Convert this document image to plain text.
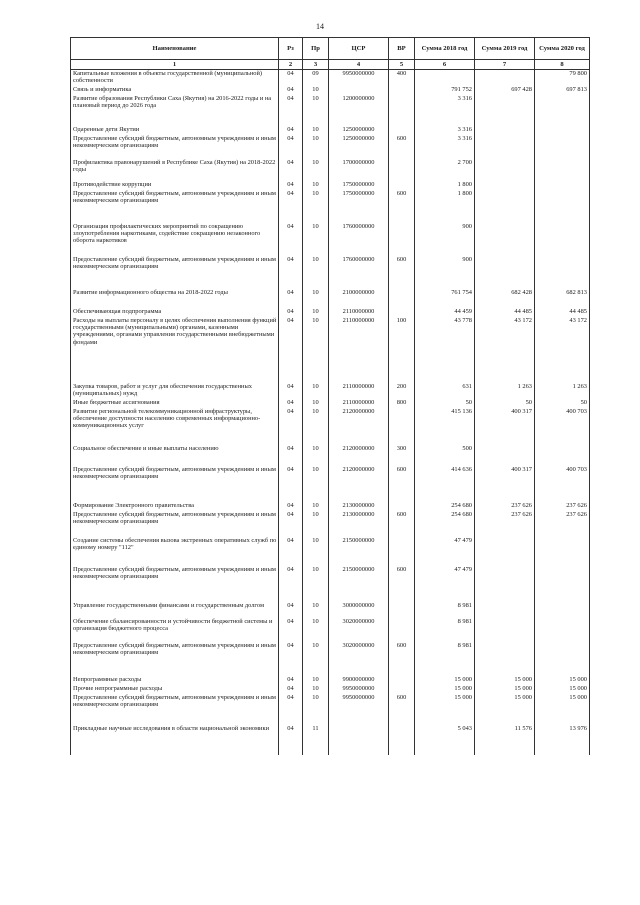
14
Наименование	Рз	Пр	ЦСР	ВР	Сумма 2018 год	Сумма 2019 год	Сумма 2020 год
1	2	3	4	5	6	7	8
Капитальные вложения в объекты государственной (муниципальной) собственности	04	09	9950000000	400			79 800
Связь и информатика	04	10			791 752	697 428	697 813
Развитие образования Республики Саха (Якутия) на 2016-2022 годы и на плановый период до 2026 года	04	10	1200000000		3 316		
Одаренные дети Якутии	04	10	1250000000		3 316		
Предоставление субсидий бюджетным, автономным учреждениям и иным некоммерческим организациям	04	10	1250000000	600	3 316		
Профилактика правонарушений в Республике Саха (Якутия) на 2018-2022 годы	04	10	1700000000		2 700		
Противодействие коррупции	04	10	1750000000		1 800		
Предоставление субсидий бюджетным, автономным учреждениям и иным некоммерческим организациям	04	10	1750000000	600	1 800		
Организация профилактических мероприятий по сокращению злоупотребления наркотиками, содействие сокращению незаконного оборота наркотиков	04	10	1760000000		900		
Предоставление субсидий бюджетным, автономным учреждениям и иным некоммерческим организациям	04	10	1760000000	600	900		
Развитие информационного общества на 2018-2022 годы	04	10	2100000000		761 754	682 428	682 813
Обеспечивающая подпрограмма	04	10	2110000000		44 459	44 485	44 485
Расходы на выплаты персоналу в целях обеспечения выполнения функций государственными (муниципальными) органами, казенными учреждениями, органами управления государственными внебюджетными фондами	04	10	2110000000	100	43 778	43 172	43 172
Закупка товаров, работ и услуг для обеспечения государственных (муниципальных) нужд	04	10	2110000000	200	631	1 263	1 263
Иные бюджетные ассигнования	04	10	2110000000	800	50	50	50
Развитие региональной телекоммуникационной инфраструктуры, обеспечение доступности населению современных информационно-коммуникационных услуг	04	10	2120000000		415 136	400 317	400 703
Социальное обеспечение и иные выплаты населению	04	10	2120000000	300	500		
Предоставление субсидий бюджетным, автономным учреждениям и иным некоммерческим организациям	04	10	2120000000	600	414 636	400 317	400 703
Формирование Электронного правительства	04	10	2130000000		254 680	237 626	237 626
Предоставление субсидий бюджетным, автономным учреждениям и иным некоммерческим организациям	04	10	2130000000	600	254 680	237 626	237 626
Создание системы обеспечения вызова экстренных оперативных служб по единому номеру "112"	04	10	2150000000		47 479		
Предоставление субсидий бюджетным, автономным учреждениям и иным некоммерческим организациям	04	10	2150000000	600	47 479		
Управление государственными финансами и государственным долгом	04	10	3000000000		8 981		
Обеспечение сбалансированности и устойчивости бюджетной системы и организация бюджетного процесса	04	10	3020000000		8 981		
Предоставление субсидий бюджетным, автономным учреждениям и иным некоммерческим организациям	04	10	3020000000	600	8 981		
Непрограммные расходы	04	10	9900000000		15 000	15 000	15 000
Прочие непрограммные расходы	04	10	9950000000		15 000	15 000	15 000
Предоставление субсидий бюджетным, автономным учреждениям и иным некоммерческим организациям	04	10	9950000000	600	15 000	15 000	15 000
Прикладные научные исследования в области национальной экономики	04	11			5 043	11 576	13 976
